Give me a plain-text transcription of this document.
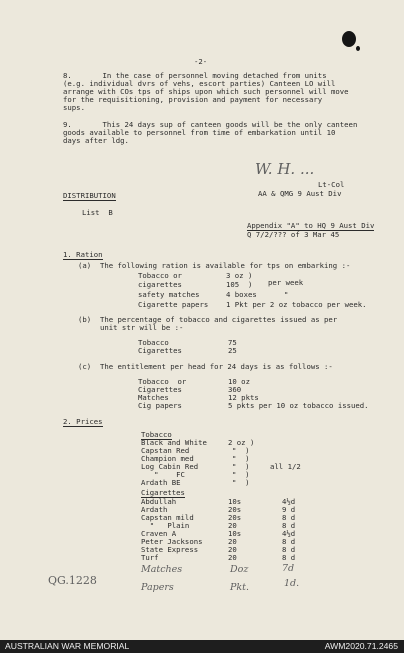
-2-
8.       In the case of personnel moving detached from units
(e.g. individual dvrs of vehs, escort parties) Canteen LO will
arrange with COs tps of ships upon which such personnel will move
for the requisitioning, provision and payment for necessary
sups.
9.       This 24 days sup of canteen goods will be the only canteen
goods available to personnel from time of embarkation until 10
days after ldg.
W. H. ...
Lt-Col
AA & QMG 9 Aust Div
DISTRIBUTION
List  B
Appendix "A" to HQ 9 Aust Div
Q 7/2/??? of 3 Mar 45
1. Ration
(a)  The following ration is available for tps on embarking :-
Tobacco or	3 oz )
cigarettes	105  ) per week
safety matches	4 boxes	"
Cigarette papers 1 Pkt per 2 oz tobacco per week.
(b)  The percentage of tobacco and cigarettes issued as per
unit str will be :-
Tobacco	75
Cigarettes	25
(c)  The entitlement per head for 24 days is as follows :-
Tobacco  or	10 oz
Cigarettes	360
Matches	12 pkts
Cig papers	5 pkts per 10 oz tobacco issued.
2. Prices
Tobacco
Black and White	2 oz )
Capstan Red	"  )
Champion med	"  )
Log Cabin Red	"  )
"    FC	"  )
Ardath BE	"  )
all 1/2
Cigarettes
Abdullah	10s	4½d
Ardath	20s	9 d
Capstan mild	20s	8 d
"   Plain	20	8 d
Craven A	10s	4½d
Peter Jacksons	20	8 d
State Express	20	8 d
Turf	20	8 d
Matches	Doz	7d
Papers	Pkt.	1d.
QG.1228
AUSTRALIAN WAR MEMORIAL	AWM2020.71.2465
